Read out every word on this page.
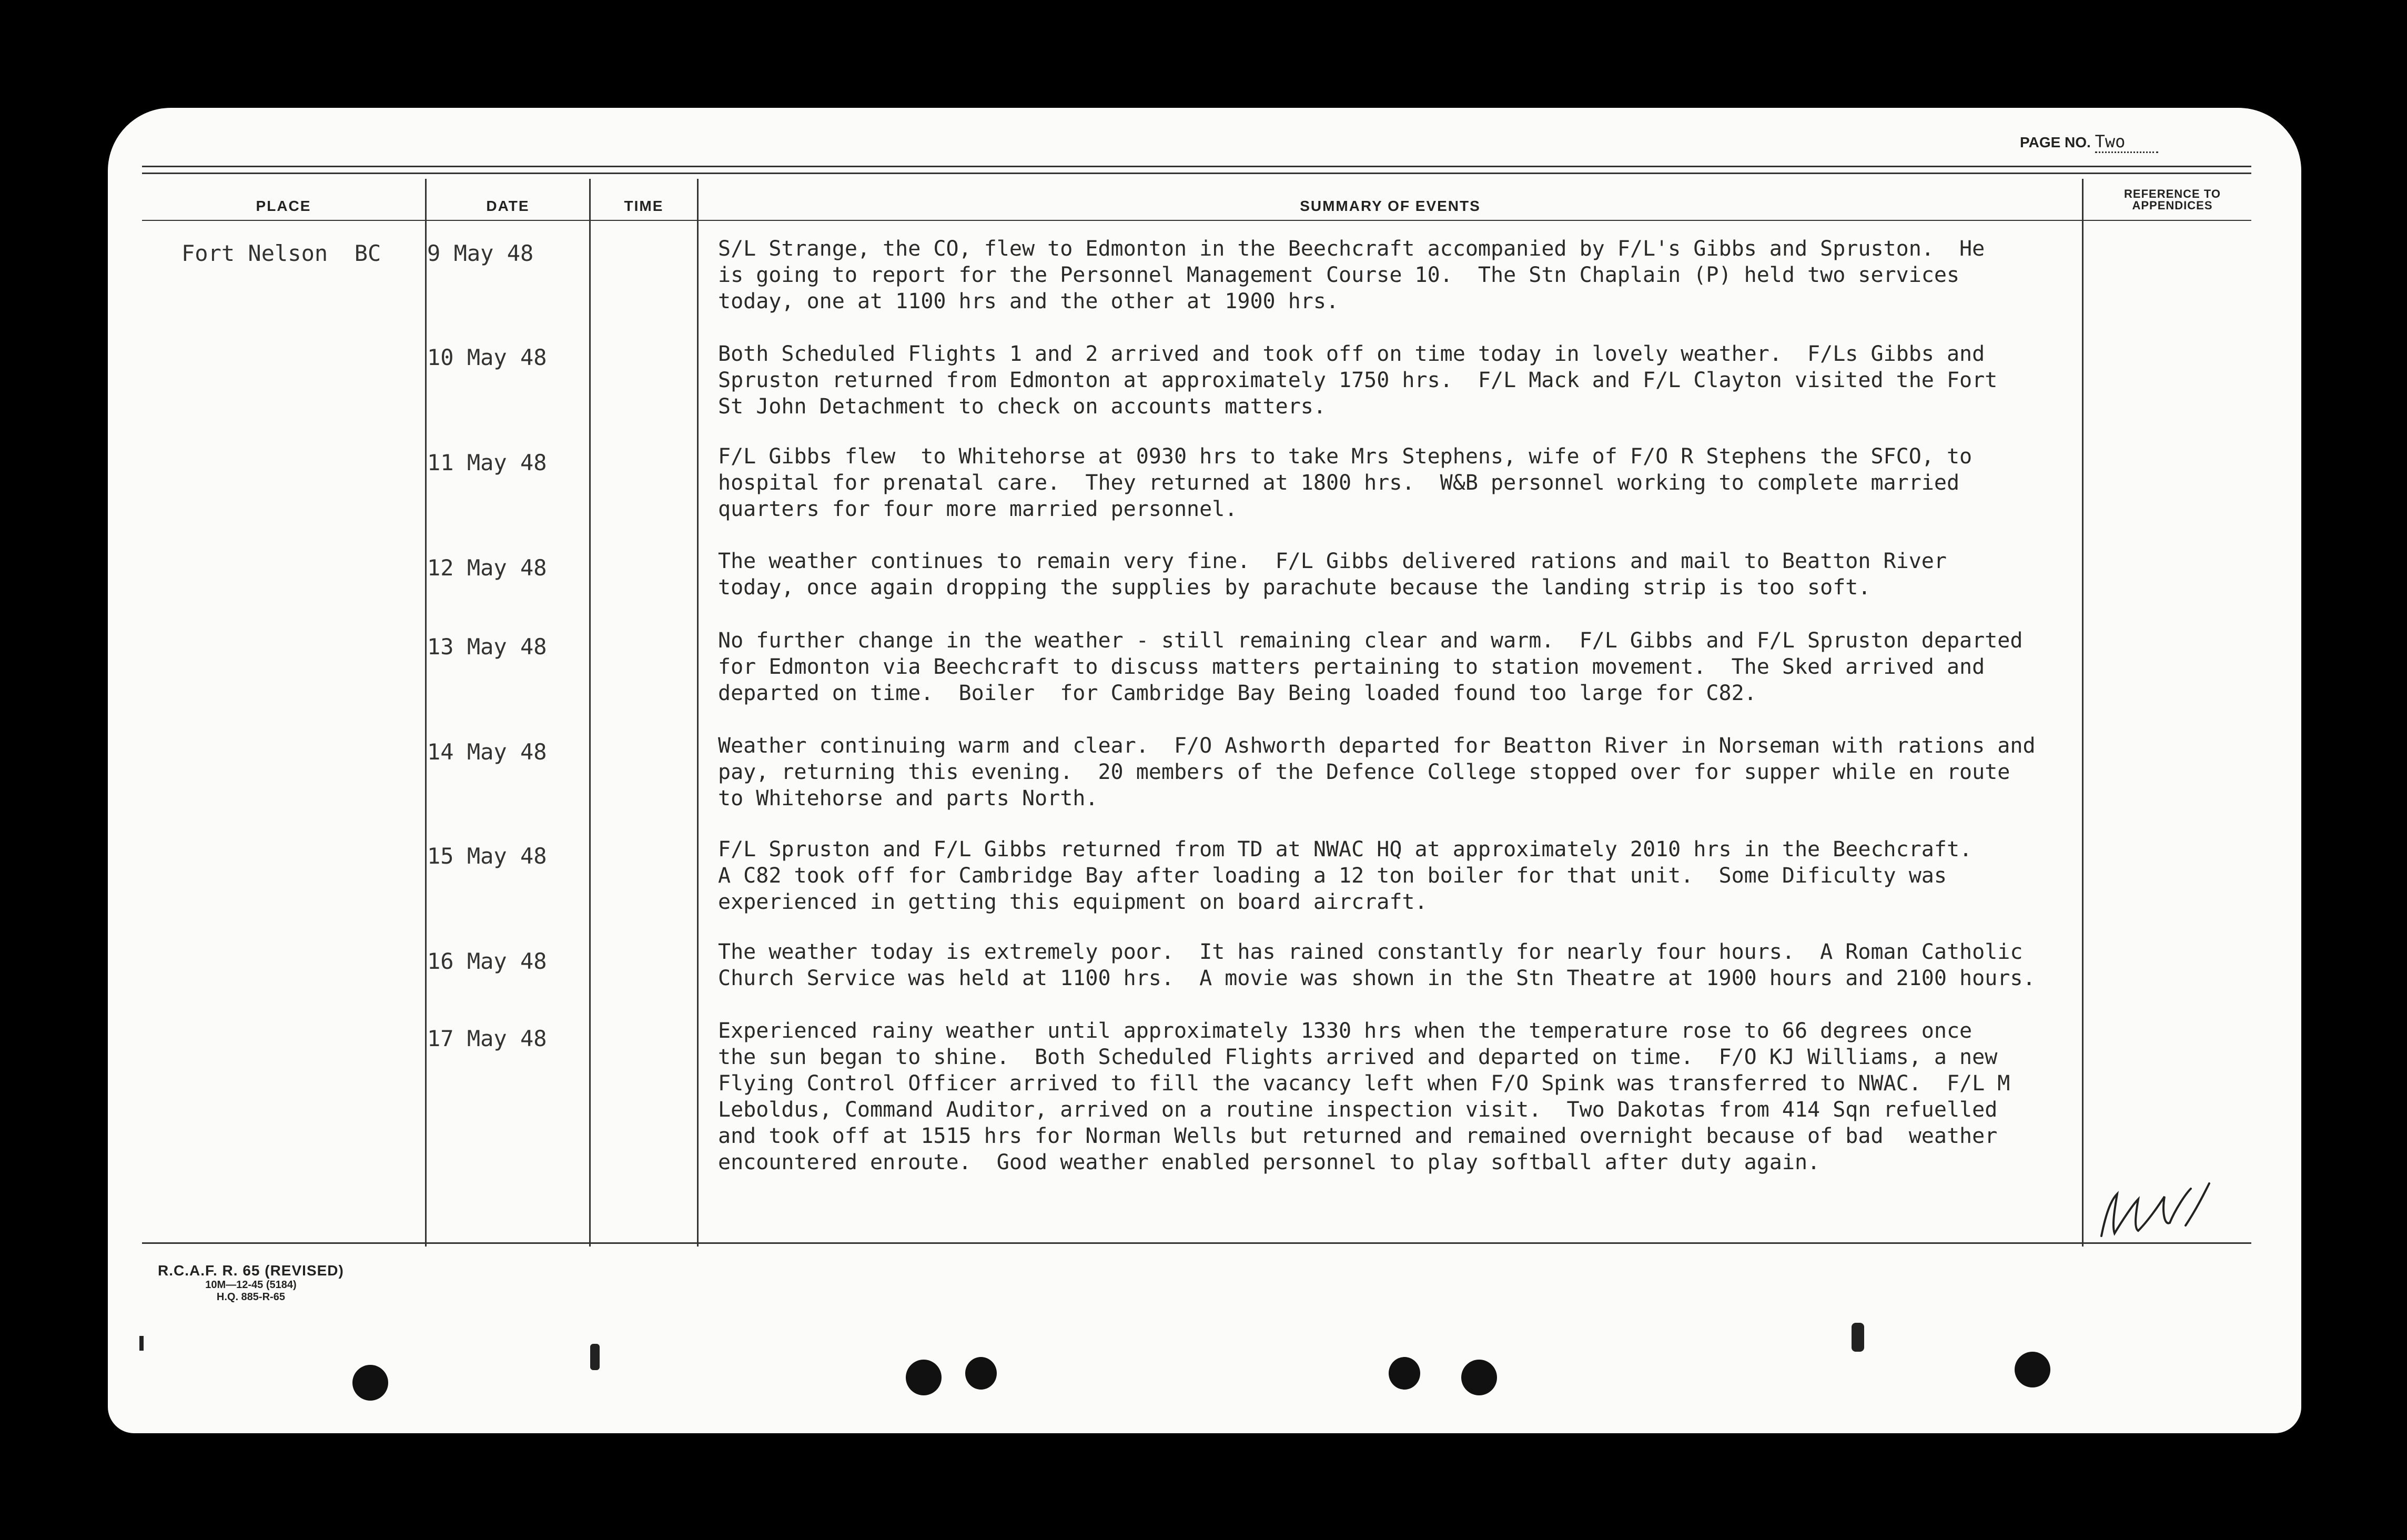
PAGE NO. Two
PLACE	DATE	TIME	SUMMARY OF EVENTS
REFERENCE TO APPENDICES
Fort Nelson  BC 9 May 48	S/L Strange, the CO, flew to Edmonton in the Beechcraft accompanied by F/L's Gibbs and Spruston.  He
is going to report for the Personnel Management Course 10.  The Stn Chaplain (P) held two services
today, one at 1100 hrs and the other at 1900 hrs.
10 May 48	Both Scheduled Flights 1 and 2 arrived and took off on time today in lovely weather.  F/Ls Gibbs and
Spruston returned from Edmonton at approximately 1750 hrs.  F/L Mack and F/L Clayton visited the Fort
St John Detachment to check on accounts matters.
11 May 48	F/L Gibbs flew  to Whitehorse at 0930 hrs to take Mrs Stephens, wife of F/O R Stephens the SFCO, to
hospital for prenatal care.  They returned at 1800 hrs.  W&B personnel working to complete married
quarters for four more married personnel.
12 May 48	The weather continues to remain very fine.  F/L Gibbs delivered rations and mail to Beatton River
today, once again dropping the supplies by parachute because the landing strip is too soft.
13 May 48	No further change in the weather - still remaining clear and warm.  F/L Gibbs and F/L Spruston departed
for Edmonton via Beechcraft to discuss matters pertaining to station movement.  The Sked arrived and
departed on time.  Boiler  for Cambridge Bay Being loaded found too large for C82.
14 May 48	Weather continuing warm and clear.  F/O Ashworth departed for Beatton River in Norseman with rations and
pay, returning this evening.  20 members of the Defence College stopped over for supper while en route
to Whitehorse and parts North.
15 May 48	F/L Spruston and F/L Gibbs returned from TD at NWAC HQ at approximately 2010 hrs in the Beechcraft.
A C82 took off for Cambridge Bay after loading a 12 ton boiler for that unit.  Some Dificulty was
experienced in getting this equipment on board aircraft.
16 May 48	The weather today is extremely poor.  It has rained constantly for nearly four hours.  A Roman Catholic
Church Service was held at 1100 hrs.  A movie was shown in the Stn Theatre at 1900 hours and 2100 hours.
17 May 48	Experienced rainy weather until approximately 1330 hrs when the temperature rose to 66 degrees once
the sun began to shine.  Both Scheduled Flights arrived and departed on time.  F/O KJ Williams, a new
Flying Control Officer arrived to fill the vacancy left when F/O Spink was transferred to NWAC.  F/L M
Leboldus, Command Auditor, arrived on a routine inspection visit.  Two Dakotas from 414 Sqn refuelled
and took off at 1515 hrs for Norman Wells but returned and remained overnight because of bad  weather
encountered enroute.  Good weather enabled personnel to play softball after duty again.
R.C.A.F. R. 65 (REVISED)
10M—12-45 (5184)
H.Q. 885-R-65
